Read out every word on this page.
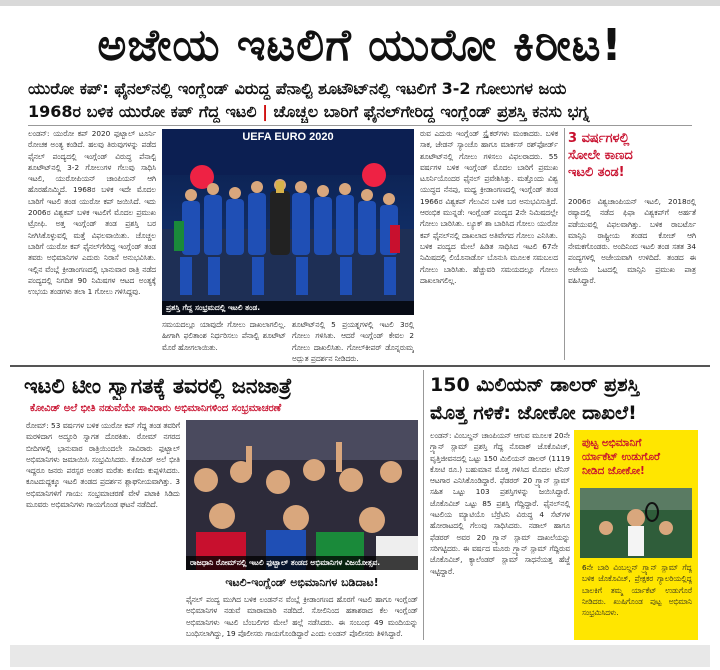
ಅಜೇಯ ಇಟಲಿಗೆ ಯುರೋ ಕಿರೀಟ!
ಯುರೋ ಕಪ್: ಫೈನಲ್‌ನಲ್ಲಿ ಇಂಗ್ಲೆಂಡ್ ವಿರುದ್ಧ ಪೆನಾಲ್ಟಿ ಶೂಟೌಟ್‌ನಲ್ಲಿ ಇಟಲಿಗೆ 3-2 ಗೋಲುಗಳ ಜಯ
1968ರ ಬಳಿಕ ಯುರೋ ಕಪ್ ಗೆದ್ದ ಇಟಲಿ | ಚೊಚ್ಚಲ ಬಾರಿಗೆ ಫೈನಲ್‌ಗೇರಿದ್ದ ಇಂಗ್ಲೆಂಡ್ ಪ್ರಶಸ್ತಿ ಕನಸು ಭಗ್ನ
ಲಂಡನ್: ಯುರೋ ಕಪ್ 2020 ಫುಟ್ಬಾಲ್ ಟೂರ್ನಿ ರೋಚಕ ಅಂತ್ಯ ಕಂಡಿದೆ. ಹಲವು ತಿರುವುಗಳನ್ನು ಪಡೆದ ಫೈನಲ್ ಪಂದ್ಯದಲ್ಲಿ ಇಂಗ್ಲೆಂಡ್ ವಿರುದ್ಧ ಪೆನಾಲ್ಟಿ ಶೂಟೌಟ್‌ನಲ್ಲಿ 3-2 ಗೋಲುಗಳ ಗೆಲುವು ಸಾಧಿಸಿ ಇಟಲಿ, ಯುರೋಪಿಯನ್ ಚಾಂಪಿಯನ್ ಆಗಿ ಹೊರಹೊಮ್ಮಿದೆ. 1968ರ ಬಳಿಕ ಇದೇ ಮೊದಲ ಬಾರಿಗೆ ಇಟಲಿ ತಂಡ ಯುರೋ ಕಪ್ ಜಯಿಸಿದೆ. ಇದು 2006ರ ವಿಶ್ವಕಪ್ ಬಳಿಕ ಇಟಲಿಗೆ ಮೊದಲ ಪ್ರಮುಖ ಟ್ರೋಫಿ. ಅತ್ತ ಇಂಗ್ಲೆಂಡ್ ತಂಡ ಪ್ರಶಸ್ತಿ ಬರ ನೀಗಿಸಿಕೊಳ್ಳುವಲ್ಲಿ ಮತ್ತೆ ವಿಫಲವಾಯಿತು. ಚೊಚ್ಚಲ ಬಾರಿಗೆ ಯುರೋ ಕಪ್ ಫೈನಲ್‌ಗೇರಿದ್ದ ಇಂಗ್ಲೆಂಡ್ ತಂಡ ತವರು ಅಭಿಮಾನಿಗಳ ಎದುರು ನಿರಾಸೆ ಅನುಭವಿಸಿತು. ಇಲ್ಲಿನ ವೆಂಬ್ಲೆ ಕ್ರೀಡಾಂಗಣದಲ್ಲಿ ಭಾನುವಾರ ರಾತ್ರಿ ನಡೆದ ಪಂದ್ಯದಲ್ಲಿ ನಿಗದಿತ 90 ನಿಮಿಷಗಳ ಆಟದ ಅಂತ್ಯಕ್ಕೆ ಉಭಯ ತಂಡಗಳು ತಲಾ 1 ಗೋಲು ಗಳಿಸಿದ್ದವು.
UEFA EURO 2020
ಪ್ರಶಸ್ತಿ ಗೆದ್ದ ಸಂಭ್ರಮದಲ್ಲಿ ಇಟಲಿ ತಂಡ.
ಸಮಯದಲ್ಲೂ ಯಾವುದೇ ಗೋಲು ದಾಖಲಾಗಲಿಲ್ಲ. ಹೀಗಾಗಿ ಫಲಿತಾಂಶ ನಿರ್ಧರಿಸಲು ಪೆನಾಲ್ಟಿ ಶೂಟೌಟ್ ಮೊರೆ ಹೋಗಲಾಯಿತು.
ಶೂಟೌಟ್‌ನಲ್ಲಿ 5 ಪ್ರಯತ್ನಗಳಲ್ಲಿ ಇಟಲಿ 3ರಲ್ಲಿ ಗೋಲು ಗಳಿಸಿತು. ಆದರೆ ಇಂಗ್ಲೆಂಡ್ ಕೇವಲ 2 ಗೋಲು ದಾಖಲಿಸಿತು. ಗೋಲ್‌ಕೀಪರ್ ಡೊನ್ನರುಮ್ಮ ಅದ್ಭುತ ಪ್ರದರ್ಶನ ನೀಡಿದರು.
ರುವ ಎದುರು ಇಂಗ್ಲೆಂಡ್ ಸ್ಟ್ರೈಕರ್‌ಗಳು ಮಂಕಾದರು. ಬಳಿಕ ಸಾಕ, ಜೇಡನ್ ಸ್ಯಾಂಚೊ ಹಾಗೂ ಮಾರ್ಕಸ್ ರಶ್‌ಫೋರ್ಡ್ ಶೂಟೌಟ್‌ನಲ್ಲಿ ಗೋಲು ಗಳಿಸಲು ವಿಫಲರಾದರು. 55 ವರ್ಷಗಳ ಬಳಿಕ ಇಂಗ್ಲೆಂಡ್ ಮೊದಲ ಬಾರಿಗೆ ಪ್ರಮುಖ ಟೂರ್ನಿಯೊಂದರ ಫೈನಲ್ ಪ್ರವೇಶಿಸಿತ್ತು. ಮತ್ತೊಂದು ವಿಶ್ವ ಯುದ್ಧದ ನೆನಪು, ಮಧ್ಯ ಕ್ರೀಡಾಂಗಣದಲ್ಲಿ ಇಂಗ್ಲೆಂಡ್ ತಂಡ 1966ರ ವಿಶ್ವಕಪ್ ಗೆಲುವಿನ ಬಳಿಕ ಬರ ಅನುಭವಿಸುತ್ತಿದೆ. ಆರಂಭಿಕ ಮುನ್ನಡೆ: ಇಂಗ್ಲೆಂಡ್ ಪಂದ್ಯದ 2ನೇ ನಿಮಿಷದಲ್ಲೇ ಗೋಲು ಬಾರಿಸಿತು. ಲ್ಯೂಕ್ ಶಾ ಬಾರಿಸಿದ ಗೋಲು ಯುರೋ ಕಪ್ ಫೈನಲ್‌ನಲ್ಲಿ ದಾಖಲಾದ ಅತಿವೇಗದ ಗೋಲು ಎನಿಸಿತು. ಬಳಿಕ ಪಂದ್ಯದ ಮೇಲೆ ಹಿಡಿತ ಸಾಧಿಸಿದ ಇಟಲಿ 67ನೇ ನಿಮಿಷದಲ್ಲಿ ಲಿಯೊನಾರ್ಡೊ ಬೊನುಸಿ ಮೂಲಕ ಸಮಬಲದ ಗೋಲು ಬಾರಿಸಿತು. ಹೆಚ್ಚುವರಿ ಸಮಯದಲ್ಲೂ ಗೋಲು ದಾಖಲಾಗಲಿಲ್ಲ.
3 ವರ್ಷಗಳಲ್ಲಿ
ಸೋಲೇ ಕಾಣದ
ಇಟಲಿ ತಂಡ!
2006ರ ವಿಶ್ವಚಾಂಪಿಯನ್ ಇಟಲಿ, 2018ರಲ್ಲಿ ರಷ್ಯಾದಲ್ಲಿ ನಡೆದ ಫಿಫಾ ವಿಶ್ವಕಪ್‌ಗೆ ಅರ್ಹತೆ ಪಡೆಯುವಲ್ಲಿ ವಿಫಲವಾಗಿತ್ತು. ಬಳಿಕ ರಾಬರ್ಟೊ ಮಾನ್ಸಿನಿ ರಾಷ್ಟ್ರೀಯ ತಂಡದ ಕೋಚ್ ಆಗಿ ನೇಮಕಗೊಂಡರು. ಅಂದಿನಿಂದ ಇಟಲಿ ತಂಡ ಸತತ 34 ಪಂದ್ಯಗಳಲ್ಲಿ ಅಜೇಯವಾಗಿ ಉಳಿದಿದೆ. ತಂಡದ ಈ ಅಜೇಯ ಓಟದಲ್ಲಿ ಮಾನ್ಸಿನಿ ಪ್ರಮುಖ ಪಾತ್ರ ವಹಿಸಿದ್ದಾರೆ.
ಇಟಲಿ ಟೀಂ ಸ್ವಾಗತಕ್ಕೆ ತವರಲ್ಲಿ ಜನಜಾತ್ರೆ
ಕೋವಿಡ್ ಅಲೆ ಭೀತಿ ನಡುವೆಯೇ ಸಾವಿರಾರು ಅಭಿಮಾನಿಗಳಿಂದ ಸಂಭ್ರಮಾಚರಣೆ
ರೋಮ್: 53 ವರ್ಷಗಳ ಬಳಿಕ ಯುರೋ ಕಪ್ ಗೆದ್ದ ತಂಡ ತವರಿಗೆ ಮರಳಿದಾಗ ಅದ್ಧೂರಿ ಸ್ವಾಗತ ದೊರಕಿತು. ರೋಮ್ ನಗರದ ಬೀದಿಗಳಲ್ಲಿ ಭಾನುವಾರ ರಾತ್ರಿಯಿಂದಲೇ ಸಾವಿರಾರು ಫುಟ್ಬಾಲ್ ಅಭಿಮಾನಿಗಳು ಜಮಾಯಿಸಿ ಸಂಭ್ರಮಿಸಿದರು. ಕೋವಿಡ್ ಅಲೆ ಭೀತಿ ಇದ್ದರೂ ಜನರು ಪರಸ್ಪರ ಅಂತರ ಮರೆತು ಕುಣಿದು ಕುಪ್ಪಳಿಸಿದರು. ಕೂಟದುದ್ದಕ್ಕೂ ಇಟಲಿ ತಂಡದ ಪ್ರದರ್ಶನ ಶ್ಲಾಘನೀಯವಾಗಿತ್ತು. 3 ಅಭಿಮಾನಿಗಳಿಗೆ ಗಾಯ: ಸಂಭ್ರಮಾಚರಣೆ ವೇಳೆ ಪಟಾಕಿ ಸಿಡಿದು ಮೂವರು ಅಭಿಮಾನಿಗಳು ಗಾಯಗೊಂಡ ಘಟನೆ ನಡೆದಿದೆ.
ರಾಜಧಾನಿ ರೋಮ್‌ನಲ್ಲಿ ಇಟಲಿ ಫುಟ್ಬಾಲ್ ತಂಡದ ಅಭಿಮಾನಿಗಳ ವಿಜಯೋತ್ಸವ.
ಇಟಲಿ-ಇಂಗ್ಲೆಂಡ್ ಅಭಿಮಾನಿಗಳ ಬಡಿದಾಟ!
ಫೈನಲ್ ಪಂದ್ಯ ಮುಗಿದ ಬಳಿಕ ಲಂಡನ್‌ನ ವೆಂಬ್ಲೆ ಕ್ರೀಡಾಂಗಣದ ಹೊರಗೆ ಇಟಲಿ ಹಾಗೂ ಇಂಗ್ಲೆಂಡ್ ಅಭಿಮಾನಿಗಳ ನಡುವೆ ಮಾರಾಮಾರಿ ನಡೆದಿದೆ. ಸೋಲಿನಿಂದ ಹತಾಶರಾದ ಕೆಲ ಇಂಗ್ಲೆಂಡ್ ಅಭಿಮಾನಿಗಳು ಇಟಲಿ ಬೆಂಬಲಿಗರ ಮೇಲೆ ಹಲ್ಲೆ ನಡೆಸಿದರು. ಈ ಸಂಬಂಧ 49 ಮಂದಿಯನ್ನು ಬಂಧಿಸಲಾಗಿದ್ದು, 19 ಪೊಲೀಸರು ಗಾಯಗೊಂಡಿದ್ದಾರೆ ಎಂದು ಲಂಡನ್ ಪೊಲೀಸರು ತಿಳಿಸಿದ್ದಾರೆ.
150 ಮಿಲಿಯನ್ ಡಾಲರ್ ಪ್ರಶಸ್ತಿ
ಮೊತ್ತ ಗಳಿಕೆ: ಜೋಕೋ ದಾಖಲೆ!
ಲಂಡನ್: ವಿಂಬಲ್ಡನ್ ಚಾಂಪಿಯನ್ ಆಗುವ ಮೂಲಕ 20ನೇ ಗ್ರ್ಯಾನ್ ಸ್ಲಾಮ್ ಪ್ರಶಸ್ತಿ ಗೆದ್ದ ನೊವಾಕ್ ಜೊಕೊವಿಚ್, ವೃತ್ತಿಜೀವನದಲ್ಲಿ ಒಟ್ಟು 150 ಮಿಲಿಯನ್ ಡಾಲರ್ (1119 ಕೋಟಿ ರೂ.) ಬಹುಮಾನ ಮೊತ್ತ ಗಳಿಸಿದ ಮೊದಲ ಟೆನಿಸ್ ಆಟಗಾರ ಎನಿಸಿಕೊಂಡಿದ್ದಾರೆ. ಫೆಡರರ್ 20 ಗ್ರ್ಯಾನ್ ಸ್ಲಾಮ್ ಸಹಿತ ಒಟ್ಟು 103 ಪ್ರಶಸ್ತಿಗಳನ್ನು ಜಯಿಸಿದ್ದಾರೆ. ಜೊಕೊವಿಚ್ ಒಟ್ಟು 85 ಪ್ರಶಸ್ತಿ ಗೆದ್ದಿದ್ದಾರೆ. ಫೈನಲ್‌ನಲ್ಲಿ ಇಟಲಿಯ ಮ್ಯಾಟಿಯೊ ಬೆರ್ರೆಟಿನಿ ವಿರುದ್ಧ 4 ಸೆಟ್‌ಗಳ ಹೋರಾಟದಲ್ಲಿ ಗೆಲುವು ಸಾಧಿಸಿದರು. ನಡಾಲ್ ಹಾಗೂ ಫೆಡರರ್ ಅವರ 20 ಗ್ರ್ಯಾನ್ ಸ್ಲಾಮ್ ದಾಖಲೆಯನ್ನು ಸರಿಗಟ್ಟಿದರು. ಈ ವರ್ಷದ ಮೂರು ಗ್ರ್ಯಾನ್ ಸ್ಲಾಮ್ ಗೆದ್ದಿರುವ ಜೊಕೊವಿಚ್, ಕ್ಯಾಲೆಂಡರ್ ಸ್ಲಾಮ್ ಸಾಧನೆಯತ್ತ ಹೆಜ್ಜೆ ಇಟ್ಟಿದ್ದಾರೆ.
ಪುಟ್ಟ ಅಭಿಮಾನಿಗೆ
ರ್ಯಾಕೆಟ್ ಉಡುಗೊರೆ
ನೀಡಿದ ಜೋಕೋ!
6ನೇ ಬಾರಿ ವಿಂಬಲ್ಡನ್ ಗ್ರ್ಯಾನ್ ಸ್ಲಾಮ್ ಗೆದ್ದ ಬಳಿಕ ಜೊಕೊವಿಚ್, ಪ್ರೇಕ್ಷಕರ ಗ್ಯಾಲರಿಯಲ್ಲಿದ್ದ ಬಾಲಕಿಗೆ ತಮ್ಮ ರ್ಯಾಕೆಟ್ ಉಡುಗೊರೆ ನೀಡಿದರು. ಖುಷಿಗೊಂಡ ಪುಟ್ಟ ಅಭಿಮಾನಿ ಸಂಭ್ರಮಿಸಿದಳು.
